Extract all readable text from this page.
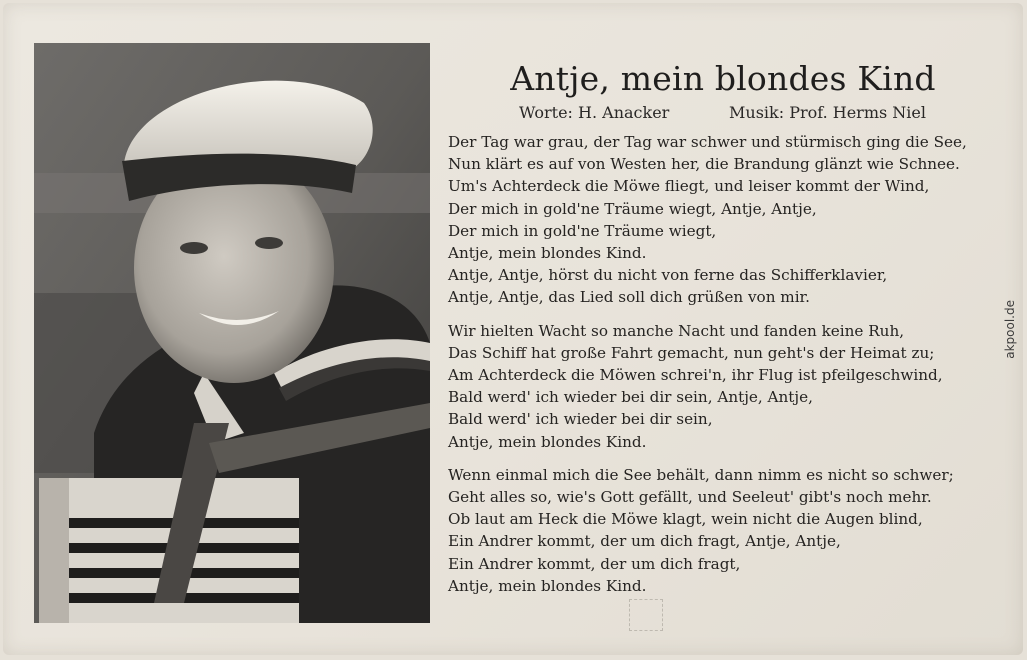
Antje, mein blondes Kind
Worte: H. Anacker	Musik: Prof. Herms Niel
Der Tag war grau, der Tag war schwer und stürmisch ging die See,
Nun klärt es auf von Westen her, die Brandung glänzt wie Schnee.
Um's Achterdeck die Möwe fliegt, und leiser kommt der Wind,
Der mich in gold'ne Träume wiegt, Antje, Antje,
Der mich in gold'ne Träume wiegt,
Antje, mein blondes Kind.
Antje, Antje, hörst du nicht von ferne das Schifferklavier,
Antje, Antje, das Lied soll dich grüßen von mir.
Wir hielten Wacht so manche Nacht und fanden keine Ruh,
Das Schiff hat große Fahrt gemacht, nun geht's der Heimat zu;
Am Achterdeck die Möwen schrei'n, ihr Flug ist pfeilgeschwind,
Bald werd' ich wieder bei dir sein, Antje, Antje,
Bald werd' ich wieder bei dir sein,
Antje, mein blondes Kind.
Wenn einmal mich die See behält, dann nimm es nicht so schwer;
Geht alles so, wie's Gott gefällt, und Seeleut' gibt's noch mehr.
Ob laut am Heck die Möwe klagt, wein nicht die Augen blind,
Ein Andrer kommt, der um dich fragt, Antje, Antje,
Ein Andrer kommt, der um dich fragt,
Antje, mein blondes Kind.
akpool.de
